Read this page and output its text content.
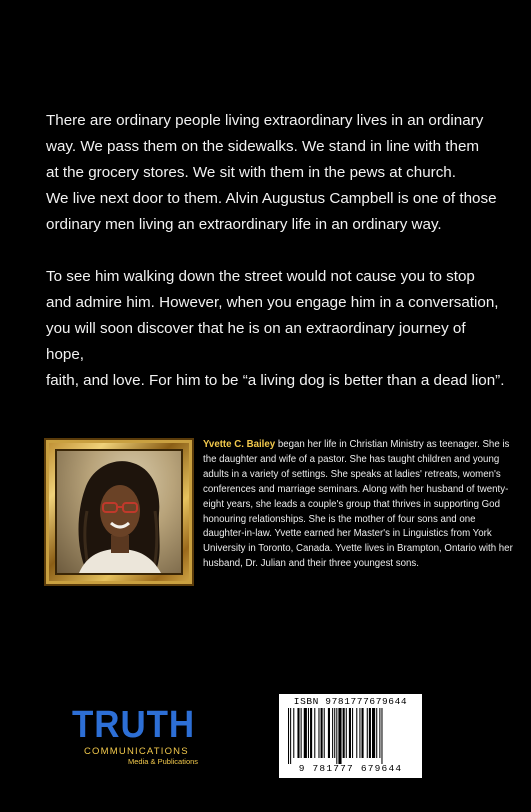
There are ordinary people living extraordinary lives in an ordinary
way. We pass them on the sidewalks. We stand in line with them
at the grocery stores. We sit with them in the pews at church.
We live next door to them. Alvin Augustus Campbell is one of those
ordinary men living an extraordinary life in an ordinary way.

To see him walking down the street would not cause you to stop
and admire him. However, when you engage him in a conversation,
you will soon discover that he is on an extraordinary journey of hope,
faith, and love. For him to be “a living dog is better than a dead lion”.

Yvette C. Bailey began her life in Christian Ministry as teenager. She is the daughter and wife of a pastor. She has taught children and young adults in a variety of settings. She speaks at ladies' retreats, women's conferences and marriage seminars. Along with her husband of twenty-eight years, she leads a couple's group that thrives in supporting God honouring relationships. She is the mother of four sons and one daughter-in-law. Yvette earned her Master's in Linguistics from York University in Toronto, Canada. Yvette lives in Brampton, Ontario with her husband, Dr. Julian and their three youngest sons.
TRUTH
COMMUNICATIONS
Media & Publications
ISBN 9781777679644
9 781777 679644
